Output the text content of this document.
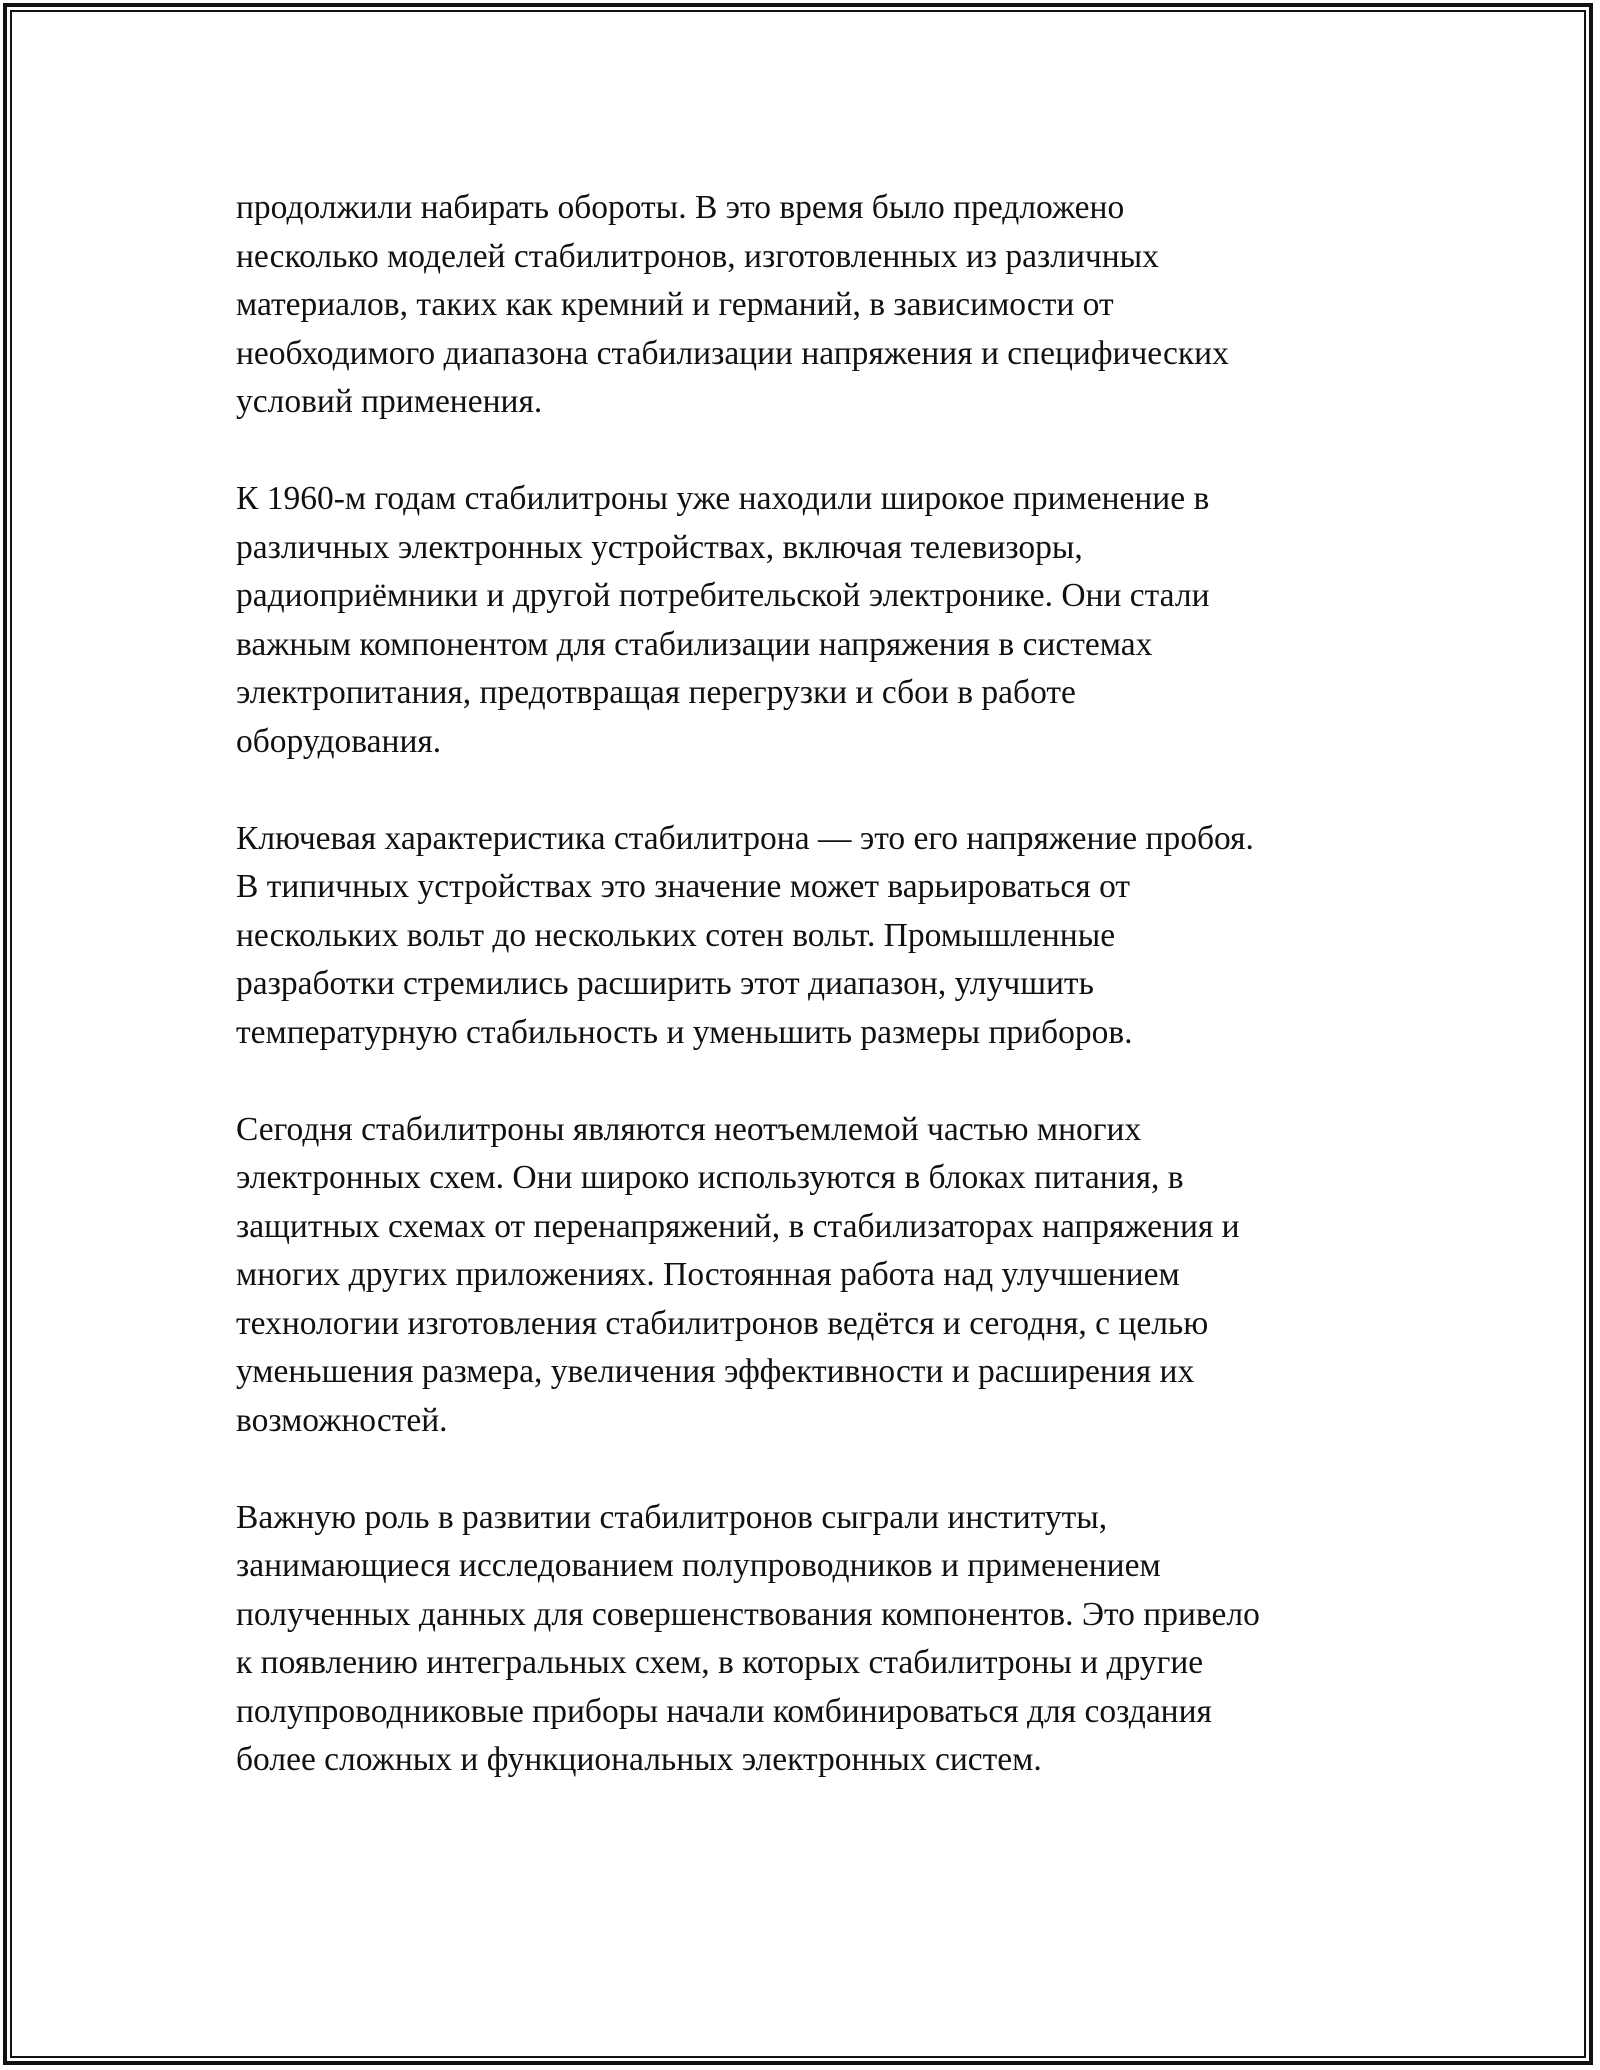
продолжили набирать обороты. В это время было предложено
несколько моделей стабилитронов, изготовленных из различных
материалов, таких как кремний и германий, в зависимости от
необходимого диапазона стабилизации напряжения и специфических
условий применения.

К 1960-м годам стабилитроны уже находили широкое применение в
различных электронных устройствах, включая телевизоры,
радиоприёмники и другой потребительской электронике. Они стали
важным компонентом для стабилизации напряжения в системах
электропитания, предотвращая перегрузки и сбои в работе
оборудования.

Ключевая характеристика стабилитрона — это его напряжение пробоя.
В типичных устройствах это значение может варьироваться от
нескольких вольт до нескольких сотен вольт. Промышленные
разработки стремились расширить этот диапазон, улучшить
температурную стабильность и уменьшить размеры приборов.

Сегодня стабилитроны являются неотъемлемой частью многих
электронных схем. Они широко используются в блоках питания, в
защитных схемах от перенапряжений, в стабилизаторах напряжения и
многих других приложениях. Постоянная работа над улучшением
технологии изготовления стабилитронов ведётся и сегодня, с целью
уменьшения размера, увеличения эффективности и расширения их
возможностей.

Важную роль в развитии стабилитронов сыграли институты,
занимающиеся исследованием полупроводников и применением
полученных данных для совершенствования компонентов. Это привело
к появлению интегральных схем, в которых стабилитроны и другие
полупроводниковые приборы начали комбинироваться для создания
более сложных и функциональных электронных систем.
